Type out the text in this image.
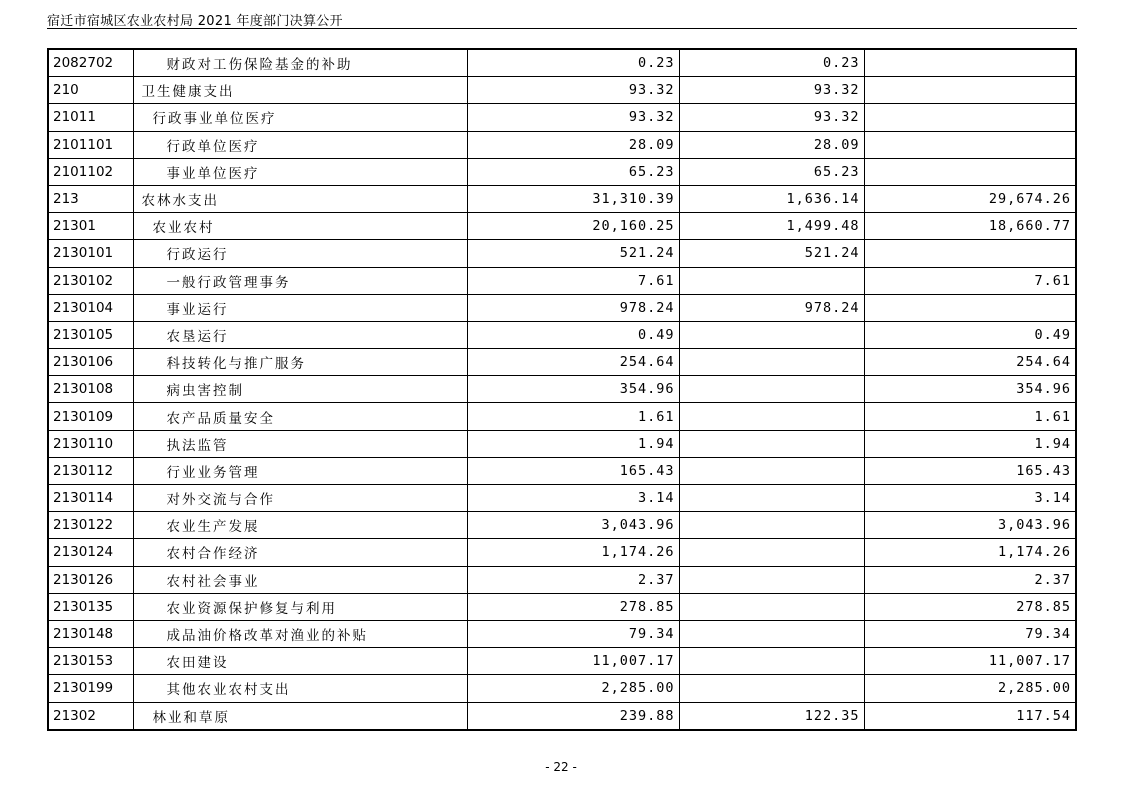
宿迁市宿城区农业农村局 2021 年度部门决算公开
2082702	财政对工伤保险基金的补助	0.23	0.23	
210	卫生健康支出	93.32	93.32	
21011	行政事业单位医疗	93.32	93.32	
2101101	行政单位医疗	28.09	28.09	
2101102	事业单位医疗	65.23	65.23	
213	农林水支出	31,310.39	1,636.14	29,674.26
21301	农业农村	20,160.25	1,499.48	18,660.77
2130101	行政运行	521.24	521.24	
2130102	一般行政管理事务	7.61		7.61
2130104	事业运行	978.24	978.24	
2130105	农垦运行	0.49		0.49
2130106	科技转化与推广服务	254.64		254.64
2130108	病虫害控制	354.96		354.96
2130109	农产品质量安全	1.61		1.61
2130110	执法监管	1.94		1.94
2130112	行业业务管理	165.43		165.43
2130114	对外交流与合作	3.14		3.14
2130122	农业生产发展	3,043.96		3,043.96
2130124	农村合作经济	1,174.26		1,174.26
2130126	农村社会事业	2.37		2.37
2130135	农业资源保护修复与利用	278.85		278.85
2130148	成品油价格改革对渔业的补贴	79.34		79.34
2130153	农田建设	11,007.17		11,007.17
2130199	其他农业农村支出	2,285.00		2,285.00
21302	林业和草原	239.88	122.35	117.54
- 22 -
